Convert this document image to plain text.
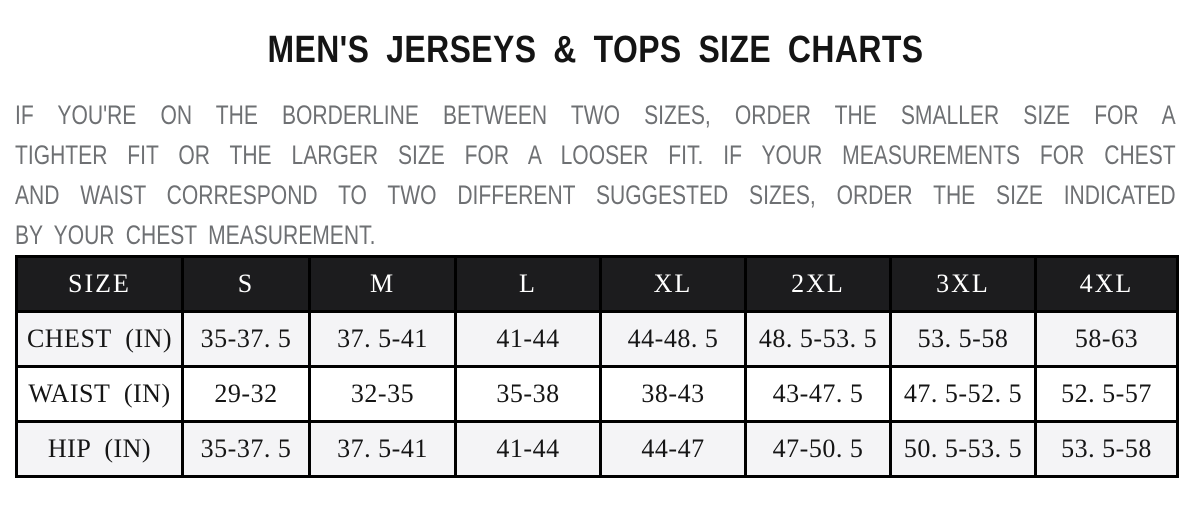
MEN'S JERSEYS & TOPS SIZE CHARTS
IF YOU'RE ON THE BORDERLINE BETWEEN TWO SIZES, ORDER THE SMALLER SIZE FOR A
TIGHTER FIT OR THE LARGER SIZE FOR A LOOSER FIT. IF YOUR MEASUREMENTS FOR CHEST
AND WAIST CORRESPOND TO TWO DIFFERENT SUGGESTED SIZES, ORDER THE SIZE INDICATED
BY YOUR CHEST MEASUREMENT.
SIZE	S	M	L	XL	2XL	3XL	4XL
CHEST  (IN)	35-37. 5	37. 5-41	41-44	44-48. 5	48. 5-53. 5	53. 5-58	58-63
WAIST  (IN)	29-32	32-35	35-38	38-43	43-47. 5	47. 5-52. 5	52. 5-57
HIP  (IN)	35-37. 5	37. 5-41	41-44	44-47	47-50. 5	50. 5-53. 5	53. 5-58
